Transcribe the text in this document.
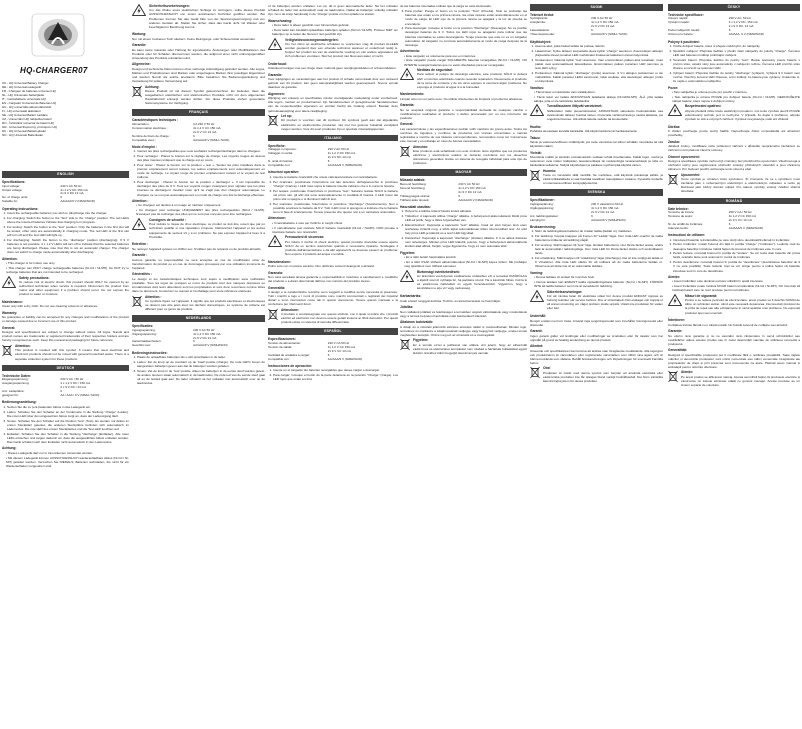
HQ-CHARGER07
UK - HQ Universal Battery Charger
DE - HQ Universal-Ladegerät
FR - Chargeur de batteries universel HQ
NL - HQ Universele batterijlader
IT - Caricabatterie universale HQ
ES - Cargador Universal de Baterías HQ
HU - HQ univerzális akkumulátortöltő
FI - HQ universaali akkulaturi
SE - HQ Universal Batteri Laddare
CZ - Univerzální HQ nabíječka baterií
RO - Încărcător universal de baterii HQ
GR - Universal Φορτιστής μπαταριών HQ
DK - HQ Universal Batterioplader
NO - HQ Universal Batterilader
ENGLISH
Specifications:
Input voltage:	230 V AC 50 Hz
Output voltage:	4x 1.2 V DC 150 mA
2x 9 V DC 13 mA
No. of charge units:	6
Suitable for:	AA/AAA/9 V (NiMH/NiCD)
Operating instructions:
1. Insert the rechargeable batteries you wish to (dis)charge into the charger.
2. For charging: Switch the button to the "fast" side to the "charge" position. The red LEDs above the inserted batteries indicate that charging is in progress.
3. For testing: Switch the button to the "test" position. Only the batteries in the first slot will be tested; other slots are automatically in charging mode. The red LED of the first slot will turn off and the test LED will light up.
4. For discharging: Switch the button to the "discharge" position (discharging). If 9 V batteries is not possible, 4 x 1.2 V LEDs will turn off to indicate that the selected batteries are being discharged. Please note that this is not an automatic charger. The charger does not switch to charge mode automatically after discharging.
Attention:
• This charger is for indoor use only.
• This charger can ONLY charge rechargeable batteries (Ni-Cd / Ni-MH). Do NOT try to recharge batteries that are not intended to be recharged.
Safety precautions:

To reduce risk of electric shock, this product should ONLY be opened by an authorized technician when service is required. Disconnect the product from mains and other equipment if a problem should occur. Do not expose the product to water or moisture.

Maintenance:

Clean only with a dry cloth. Do not use cleaning solvents or abrasives.

Warranty:

No guarantee or liability can be accepted for any changes and modifications of the product or damage caused due to incorrect use of this product.

General:

Designs and specifications are subject to change without notice. All logos, brands and product names are trademarks or registered trademarks of their respective holders and are hereby recognised as such. Keep this manual and packaging for future reference.

Attention:

This product is marked with this symbol. It means that used electrical and electronic products should not be mixed with general household waste. There is a separate collection system for these products.

DEUTSCH
Technische Daten:
Eingangsspannung:	230 V AC / 50 Hz
Ausgangsspannung:	4 x 1,2 V DC / 150 mA
2 x 9 V DC / 13 mA
Anz. Ladeplätze:	6
geeignet für:	AA / AAA / 9 V (NiMH / NiCD)
Bedienungsanleitung:
1. Setzen Sie die zu (ent-)ladenden Akkus in das Ladegerät ein.
2. Laden: Schalten Sie den Schalter an der Vorderseite in die Stellung "charge" (Laden). Die roten LED über den eingesetzten Akkus zeigt an, dass der Ladevorgang läuft.
3. Testen: Schalten Sie den Schalter auf die Position "test" (Test). Es werden nur Akkus im ersten Steckplatz getestet, die anderen Steckplätze befinden sich automatisch im Lademodus. Die rote LED des ersten Steckplatzes und die Test-LED leuchten auf.
4. Entladen: Schalten Sie den Schalter in die Stellung "discharge" (Entladen). Alle roten LEDs erlöschen und zeigen dadurch an, dass die ausgewählten Akkus entladen werden. Das Gerät schaltet nach dem Entladen nicht automatisch in den Lademodus.
Achtung:
• Dieses Ladegerät darf nur in Innenräumen verwendet werden.
• Mit diesem Ladegerät können AUSSCHLIESSLICH wiederaufladbare Akkus (Ni-Cd / Ni-MH) geladen werden. Versuchen Sie NIEMALS, Batterien aufzuladen, die nicht für ein Wiederaufladen vorgesehen sind.
Sicherheitsvorkehrungen:

Um das Risiko eines elektrischen Schlags zu verringern, sollte dieses Produkt AUSSCHLIESSLICH von einem autorisierten Techniker geöffnet werden. Bei Problemen trennen Sie das Gerät bitte von der Spannungsversorgung und von anderen Geräten ab. Stellen Sie sicher, dass das Gerät nicht mit Wasser oder Feuchtigkeit in Berührung kommt.

Wartung:

Nur mit einem trockenen Tuch säubern. Keine Reinigungs- oder Scheuermittel verwenden.

Garantie:

Es kann keine Garantie oder Haftung für irgendwelche Änderungen oder Modifikationen des Produkts oder für Schäden übernommen werden, die aufgrund einer nicht ordnungsgemäßen Anwendung des Produkts entstanden sind.

Allgemeine:

Design und technische Daten können ohne vorherige Ankündigung geändert werden. Alle Logos, Marken und Produktnamen sind Marken oder eingetragene Marken ihrer jeweiligen Eigentümer und werden hiermit als solche anerkannt. Bitte bewahren Sie Bedienungsanleitung und Verpackung für spätere Verwendung auf.

Achtung:

Dieses Produkt ist mit diesem Symbol gekennzeichnet. Es bedeutet, dass die ausgedienten elektrischen und elektronischen Produkte nicht mit dem allgemeinen Haushaltsmüll entsorgt werden dürfen. Für diese Produkte stehen gesonderte Sammelsysteme zur Verfügung.

FRANÇAIS
Caractéristiques techniques :
Alimentation :	CA 230 V 50 Hz
Consommation électrique :	4x 1,2 V CC 150 mA
2x 9 V CC 13 mA
Nombre de blocs de charge :	6
Compatible avec :	AA/AAA/9 V (NiMH / NiCD)
Mode d'emploi :
1. Insérez les piles rechargeables que vous souhaitez recharger/décharger dans le chargeur.
2. Pour recharger : Placez le bouton sur le réglage de charge. Les voyants rouges au dessus des piles insérées indiquent que la charge est en cours.
3. Pour tester : Placez le bouton sur la position « test ». Seules les piles installées dans le premier emplacement seront testées, les autres emplacements sont automatiquement en mode de recharge. Le voyant rouge du premier emplacement s'éteint et le voyant de test s'allume.
4. Pour décharger : Placez le bouton sur la position « décharger ». Il est impossible de décharger des piles de 9 V. Tous les voyants rouges s'éteignent pour signaler que les piles insérées se déchargent. Veuillez noter qu'il ne s'agit pas d'un chargeur automatique. Le chargeur ne se met pas automatiquement en mode de charge une fois la décharge effectuée.
Attention :
• Ce chargeur est destiné à un usage en intérieur uniquement.
• Ce chargeur peut recharger UNIQUEMENT des piles rechargeables (NiCd / Ni-MH). N'essayez pas de recharger des piles qui ne sont pas conçues pour être rechargées.
Consignes de sécurité :

Pour réduire le risque de choc électrique, ce produit ne doit être ouvert que par un technicien qualifié si une réparation s'impose. Débranchez l'appareil et les autres équipements du secteur s'il y a un problème. Ne pas exposer l'appareil à l'eau ni à l'humidité.

Entretien :

Ne nettoyer l'appareil qu'avec un chiffon sec. N'utiliser pas de solvants ou de produits abrasifs.

Garantie :

Aucune garantie ou responsabilité ne sera acceptée en cas de modification et/ou de transformation du produit ou en cas de dommages provoqués par une utilisation incorrecte de l'appareil.

Généralités :

Le design et les caractéristiques techniques sont sujets à modification sans notification préalable. Tous les logos de marques et noms de produits sont des marques déposées ou immatriculées dont leurs détenteurs sont les propriétaires et sont donc reconnues comme telles dans ce document. Conservez ce manuel et l'emballage pour toute référence ultérieure.

Attention :

Ce symbole figure sur l'appareil. Il signifie que les produits électriques et électroniques ne doivent pas être jetés avec les déchets domestiques. Le système de collecte est différent pour ce genre de produits.

NEDERLANDS
Specificaties:
Ingangsspanning:	230 V AC 50 Hz
Uitgangsspanning:	4x 1,2 V DC 150 mA
2x 9 V DC 13 mA
Aantal laadeenheden:	6
Geschikt voor:	AA/AAA/9 V (NiMH/NiCD)
Bedieningsinstructies:
1. Plaats de oplaadbare batterijen die u wilt op/ontladen in de lader.
2. Laden: Zet de knop op de voorkant op de "laad"-positie (charge). De rode LED's boven de aangesloten batterijen geven aan dat de batterijen worden geladen.
3. Testen: Zet de knop in de "test"-positie. Alleen de batterijen in de eerste sleuf worden getest, de andere sleuven staan automatisch in de laadmodus. De rode led van de eerste sleuf gaat uit en de testled gaat aan. De lader schakelt na het ontladen niet automatisch over op de laadmodus.

of de batterijen worden ontladen. Let op: dit is geen automatische lader. Na het ontladen schakelt de lader niet automatisch naar de laadmodus. Nadat de batterijen volledig ontladen zijn, zet u de knop handmatig in de "charge"-positie om het opladen te starten.

Waarschuwing:
• Deze lader is alleen geschikt voor binnenshuis gebruik.
• Deze lader kan ALLEEN oplaadbare batterijen opladen (Ni-Cd / Ni-MH). Probeer NIET om batterijen op te laden die hiervoor niet geschikt zijn.
Veiligheidsvoorzorgsmaatregelen:

Om het risico op elektrische schokken te voorkomen mag dit product ALLEEN worden geopend door een erkende technicus wanneer er onderhoud nodig is. Koppel het product los van de elektrische voeding en van andere apparatuur als zich problemen voordoen. Stel het product niet bloot aan water of vocht.

Onderhoud:

Uitsluitend reinigen met een droge doek. Gebruik geen reinigingsmiddelen of schuurmiddelen.

Garantie:

Voor wijzigingen en veranderingen aan het product of schade veroorzaakt door een verkeerd gebruik van dit product, kan geen aansprakelijkheid worden geaccepteerd. Tevens vervalt daardoor de garantie.

Algemeen:

Wijziging van ontwerp en specificaties zonder voorafgaande mededeling onder voorbehoud. Alle logo's, merken en productnamen zijn handelsmerken of geregistreerde handelsmerken van de respectievelijke eigenaren en worden hierbij als zodanig erkend. Bewaar deze gebruiksaanwijzing voor latere raadpleging.

Let op:

Dit product is voorzien van dit symbool. Dit symbool geeft aan dat afgedankte elektrische en elektronische producten niet met het gewone huisafval verwijderd mogen worden. Voor dit soort producten zijn er speciale inzamelingspunten.

ITALIANO
Specifiche:
Voltaggio in ingresso:	230 V AC 50 Hz
Voltaggio in uscita:	4x 1,2 V DC 150 mA
2x 9 V DC 13 mA
N. unità di ricarica:	6
Compatibile con:	AA/AAA/9 V (NiMH/NiCD)
Istruzioni operative:
1. Inserire le batterie ricaricabili che volete caricare/scaricare nel caricabatterie.
2. Per ricaricare: posizionate l'interruttore sul lato anteriore dell'apparecchio in posizione "charge" (Carica). I LED rossi sopra le batterie inserite indicano che è in corso la ricarica.
3. Per testare: posizionate l'interruttore in posizione "test". Saranno testate SOLO le batterie nel primo slot, gli altri slot sono automaticamente in modalità di ricarica. Il LED rosso del primo slot si spegne e si illumina il LED di test.
4. Per scaricare: posizionate l'interruttore in posizione "discharge" (Scaricamento). Non è possibile scaricare le batterie da 9 V. Tutti i LED rossi si spengono a indicare che le batterie sono in fase di scaricamento. Tenete presente che questo non è un caricatore automatico.
Attenzione:
• Il caricabatterie è solo per l'utilizzo in luoghi chiusi.
• Il caricabatterie può caricare SOLO batterie ricaricabili (Ni-Cd / Ni-MH). NON provate a ricaricare batterie non ricaricabili.
Precauzioni di sicurezza:

Per ridurre il rischio di shock elettrico, questo prodotto dovrebbe essere aperto SOLO da un tecnico autorizzato quando è necessario ripararlo. Scollegare il prodotto dall'alimentazione e da altri apparecchi se dovesse esserci un problema. Non esporre il prodotto ad acqua o umidità.

Manutenzione:

Pulire solo con un panno asciutto. Non utilizzare solventi detergenti o abrasivi.

Garanzia:

Non sarà accettata alcuna garanzia o responsabilità in relazione a cambiamenti e modifiche del prodotto o a danni determinati dall'uso non corretto del prodotto stesso.

Generalità:

Il design e le caratteristiche tecniche sono soggetti a modifica senza necessità di preavviso. Tutti i marchi a logo e i nomi di prodotto sono marchi commerciali o registrati dei rispettivi titolari e sono riconosciuti come tali in questo documento. Tenere questo manuale e la confezione per riferimenti futuri.

Attenzione:

Il prodotto è contrassegnato con questo simbolo, con il quale si indica che i prodotti elettrici ed elettronici non devono essere gettati insieme ai rifiuti domestici. Per questi prodotti esiste un sistema di raccolta differenziata.

ESPAÑOL
Especificaciones:
Tensión de alimentación:	230 V CA 50 Hz
Tensión de salida:	4x 1,2 V CC 150 mA
2x 9 V CC 13 mA
Cantidad de unidades a cargar:	6
Compatible con:	AA/AAA/9 V (NiMH/NiCD)
Instrucciones de operación:
1. Inserte en el cargador las baterías recargables que desee cargar o descargar.
2. Para cargar: Coloque el botón de la parte delantera en la posición "Charge" (Carga). Los LED rojos que están encima

de las baterías insertadas indican que la carga se está efectuando.

3. Para probar: Ponga el botón en la posición "Test" (Prueba). Sólo se probarán las baterías que están en la primera ranura, las otras ranuras están automáticamente en el modo de carga. El LED rojo de la primera ranura se apagará y la luz de prueba se encenderá.
4. Para descargar: Coloque el botón en la posición "Discharge" (Descarga). No es posible descargar baterías de 9 V. Todos los LED rojos se apagarán para indicar que las baterías insertadas se están descargando. Tenga presente que este no es un cargador automático. El cargador no conmuta automáticamente al modo de carga después de la descarga.
Advertencia:
• Este cargador es solamente para uso en interiores.
• Este cargador puede cargar SOLAMENTE baterías recargables (Ni-Cd / Ni-MH). NO INTENTE recargar baterías que no estén diseñadas para ser recargadas.
Medidas de seguridad:

Para reducir el peligro de descarga eléctrica, este producto SÓLO lo deberá abrir un técnico autorizado cuando necesite reparación. Desconecte el producto de la toma de corriente y de los otros equipos si ocurriera algún problema. No exponga el producto al agua ni a la humedad.

Mantenimiento:

Limpiar sólo con un paño seco. No utilizar disolventes de limpieza ni productos abrasivos.

Garantía:

No se aceptará ninguna garantía o responsabilidad derivada de cualquier cambio o modificaciones realizadas al producto o daños provocados por un uso incorrecto del producto.

General:

Las características y las especificaciones podrán sufrir cambios sin previo aviso. Todos los nombres de logotipos y nombres de productos son marcas comerciales o marcas registradas a nombre de sus titulares correspondientes, reconocidos como tal. Consérvese este manual y el embalaje en caso de futuras necesidades.

Atención:

Este producto está señalizado con este símbolo. Esto significa que los productos eléctricos y electrónicos usados no deberán mezclarse con los desechos domésticos generales. Existe un sistema de recogida individual para este tipo de productos.

MAGYAR
Műszaki adatok:
Bemenő feszültség:	230 V AC 50 Hz
Kimenő feszültség:	4x 1,2 V DC 150 mA
2x 9 V DC 13 mA
Töltőegységek száma:	6
Tölthető akku típusok:	AA/AAA/9 V (NiMH/NiCD)
Használati utasítás:
1. Helyezze a töltőbe tölteni/ kisütni kívánt akkukat.
2. Töltéshez: A kapcsolót állítsa "charge" állásba. A behelyezett akkumulátorok fölötti piros LED-ek jelzik, hogy a töltés folyamatban van.
3. Ellenőrzéshez: Kapcsolja a kapcsolót "test" állásba. Csak az első helyen lévő elem tesztelése történik meg, a többi aljzat automatikusan töltés üzemmódban lesz. Az első hely piros LED-je kialszik és a teszt LED kigyullad.
4. Kisütéshez: Kapcsolja a kapcsolót "discharge" (kisütés) állásba. 9 V-os akkuk kisütése nem lehetséges. Minden piros LED kialszik, jelezve, hogy a behelyezett akkumulátorok kisütés alatt állnak. Kérjük, vegye figyelembe, hogy ez nem automata töltő.
Figyelem:
• Ez a töltő beltéri használatra készült.
• Ez a töltő CSAK tölthető akkumulátorokat (Ni-Cd / Ni-MH) képes tölteni. NE próbáljon meg újratölteni nem tölthető elemeket.
Biztonsági óvintézkedések:

Az áramütés veszélyének csökkentése érdekében ezt a terméket KIZÁRÓLAG a kijelölt szerviz nyithatja fel, ha javításra szorul. Ha a készülék hibás, húzza ki az elektromos hálózatból és egyéb berendezésből. Vigyázzon, hogy a készüléket ne érje víz vagy nedvesség.

Karbantartás:

Csak száraz ronggyal tisztítsa. Tisztító- és karcolószereket ne használjon.

Jótállás:

Nem vállalunk jótállást és felelősséget a termékben végzett változtatások vagy módosítások vagy a termék helytelen használata miatt bekövetkező károkért.

Általános tudnivalók:

A dizájn és a műszaki jellemzők előzetes értesítés nélkül is módosulhatnak. Minden logó, terméknév és márkanév a tulajdonosának védjegye vagy bejegyzett védjegye, ezeket ennek megfelelően kezeljük. Őrizze meg ezt az útmutatót és a csomagolást.

Figyelem:

Ez a termék ezzel a jelöléssel van ellátva. Azt jelenti, hogy az elhasznált elektromos és elektronikus termékeket nem szabad a háztartási hulladékkal együtt kidobni. Ezekhez külön begyűjtő létesítmények vannak.

SUOMI
Tekniset tiedot:
Syöttöjännite:	230 V AC 50 Hz
Antojännite:	4x 1,2 V DC 150 mA
2x 9 V DC 13 mA
Latauslaitteita:	6
Yhteensopivuudet:	AA/AAA/9 V (NiMH / NiCD)
Käyttöohjeet:
1. Asenna akut, jotka haluat ladata tai purkaa, laturiin.
2. Lataaminen: Kytke laitteen etupuolella oleva kytkin "charge" asentoon. Asennettujen akkujen yläpuolella olevat punaiset LED-merkkivalot ilmaisevat latauksen olevan käynnissä.
3. Testaaminen: Käännä kytkin "test"-asentoon. Vain ensimmäisen paikan akut testataan, muut paikat ovat automaattisesti lataustilassa. Ensimmäisen paikan punainen LED sammuu ja testi-LED syttyy.
4. Purkaminen: Käännä kytkin "discharge" (purku) asentoon. 9 V:n akkujen purkaminen ei ole mahdollista. Kaikki punaiset LEDit sammuvat, mikä osoittaa, että asetettujen akkujen purku on käynnissä.
Varoitus:
• Tämä laturi on tarkoitettu vain sisäkäyttöön.
• Tämä laturi voi ladata AINOASTAAN ladattavia akkuja (Ni-Cd/Ni-MH). ÄLÄ yritä ladata akkuja, joita ei ole tarkoitettu ladattaviksi.
Turvallisuuteen liittyvät varotoimet:

Sähköiskun riskin pienentämiseksi, AINOASTAAN valtuutettu huoltoteknikko saa avata tämän laitteen huoltoa varten. Irrota laite verkkovirrasta ja muista laitteista, jos ongelmia ilmenee. Älä altista laitetta vedelle tai kosteudelle.

Huolto:

Puhdista ainoastaan kuivalla kankaalla. Älä käytä liuottimia tai hankausaineita.

Takuu:

Takuu ja vastuuvelvollisuus mitätöityvät, jos tuote vaurioituu tai siihen tehdään muutoksia tai sitä käytetään väärin.

Yleistä:

Muutoksia malliin ja teknisiin ominaisuuksiin voidaan tehdä ilmoittamatta. Kaikki logot, merkit ja tuotenimet ovat niiden haltijoiden tavaramerkkejä tai rekisteröityjä tavaramerkkejä ja niitä on käsiteltävä sellaisina. Säilytä käyttöohjeet ja pakkaus myöhempää käyttöä varten.

Huomio:

Tuote on varustettu tällä merkillä. Se merkitsee, että käytöstä poistettuja sähkö- ja elektroniikkalaitteita ei saa hävittää tavallisen talousjätteen mukana. Kyseisille tuotteille on olemassa erillinen keräysjärjestelmä.

SVENSKA
Specifikationer:
Ingångsspänning:	230 V växelström 50 Hz
Utgångsspänning:	4x 1,2 V DC 150 mA
2x 9 V DC 13 mA
Ant. laddningsplatser:	6
Lämplig för:	AA/AAA/9 V (NiMH/NiCD)
Bruksanvisning:
1. Sätt i de laddningsbara batterier du önskar ladda (laddar ur) i laddaren.
2. För laddning: Koppla knappen på fronten till "Ladda" läget. Den röda LED ovanför de isatta batterierna indikerar att laddning pågår.
3. För testning: Ställ knappen till "test" läge. Endast batterierna i det första facket testas, andra fack är automatiskt i laddningsläge. Den röda LED för första facket släcks och testindikatorn tänds.
4. För urladdning: Ställ knappen till "urladdning" läget (discharge). Det är inte möjligt att ladda ur 9 V-batterier. Alla röda LED släcks för att indikera att de isatta batterierna laddas ur. Observera att detta inte är en automatisk laddare.
Varning:
• Denna laddare är endast för inomhus bruk.
• Denna laddare kan ENDAST ladda uppladdningsbara batterier (Ni-Cd / Ni-MH). FÖRSÖK INTE att ladda batterier som inte är avsedda för laddning.
Säkerhetsanvisningar:

För att minska faran för elektriska stötar bör denna produkt ENDAST öppnas av behörig tekniker när service behövs. Dra ur strömkabeln från eluttaget och koppla ur all annan utrustning om något problem skulle uppstå. Utsätt inte produkten för vatten eller fukt.

Underhåll:

Rengör endast med torr trasa. Använd inga rengöringsmedel som innehåller lösningsmedel eller slipmedel.

Garanti:

Ingen garanti gäller vid ändringar eller modifieringar av produkten eller för skador som har uppstått på grund av felaktig användning av denna produkt.

Allmänt:

Utseende och specifikationer kan komma att ändras utan föregående meddelande. Alla logotyper och produktnamn är varumärken eller registrerade varumärken som tillhör sina ägare och är härmed erkända som sådana. Behåll bruksanvisningen och förpackningen för eventuellt framtida behov.

Obs!

Produkten är märkt med denna symbol som betyder att använda elektriska eller elektroniska produkter inte får slängas bland vanligt hushållsavfall. Det finns särskilda återvinningssystem för dessa produkter.

ČESKY
Technické specifikace:
Vstupní napětí:	230 V AC, 50 Hz
Výstupní napětí:	4 x 1,2 V DC, 150 mA
2 x 9 V DC, 13 mA
Počet nabíjecích úseků:	6
Určeno pro baterie:	AA/AAA, 9 V (NiMH/NiCD)
Pokyny k používání:
1. Vložte dobíjecí baterie, které si přejete nabít/vybít, do nabíječky.
2. Spuštění nabíjení: Přepněte tlačítko v přední části nabíječky do polohy "charge". Červené LED nad bateriemi indikují probíhající nabíjení.
3. Testování baterií: Přepněte tlačítko do polohy "test". Budou testovány pouze baterie v prvním slotu, ostatní sloty jsou automaticky v nabíjecím režimu. Červená LED prvního slotu zhasne a rozsvítí se testovací LED.
4. Vybíjení baterií: Přepněte tlačítko do polohy "discharge" (vybíjení). Vybíjení 9 V baterií není možné. Všechny červené LED zhasnou, a tím indikují, že baterie jsou vybíjeny. Uvědomte si, že nejde o automatickou nabíječku.
Pozor:
• Tato nabíječka je určena pouze pro použití v interiéru.
• Tato nabíječka je určena POUZE pro dobíjecí baterie (Ni-Cd / Ni-MH). NEZKOUŠEJTE nabíjet baterie, které nejsou k dobíjení určeny.
Bezpečnostní opatření:

Abyste předešli riziku úrazu elektrickým proudem, smí tento výrobek otevřít POUZE autorizovaný technik, je-li to nezbytné. V případě, že dojde k problému, odpojte výrobek ze sítě a od jiných zařízení. Výrobek nevystavujte vodě ani vlhkosti.

Údržba:

K čištění používejte pouze suchý hadřík. Nepoužívejte čisticí rozpouštědla ani abrazivní prostředky.

Záruka:

Jakékoli změny, modifikace nebo poškození zařízení v důsledku nesprávného zacházení se zařízením ruší platnost záruční smlouvy.

Obecné upozornění:

Design a specifikace výrobku mohou být změněny bez předchozího upozornění. Všechna loga a obchodní názvy jsou registrované obchodní známky příslušných vlastníků a jsou chráněny zákonem. Pro budoucí použití uschovejte tento návod a obal.

Upozornění:

Tento výrobek je označen tímto symbolem. To znamená, že se s výrobkem musí zacházet jako s nebezpečným elektrickým a elektronickým odpadem a nelze jej likvidovat jako běžný domácí odpad. Pro takové výrobky existují zvláštní sběrná střediska.

ROMÂNĂ
Date tehnice:
Tensiune de intrare:	230 V CA / 50 Hz
Tensiune de ieșire:	4x 1,2 V CC 150 mA
2x 9 V CC 13 mA
Nr. de unități de încărcare:	6
Adecvat pentru:	AA/AAA/9 V (NiMH/NiCD)
Instrucțiuni de utilizare:
1. Introduceți bateriile reîncărcabile pe care doriți să le descărcați/încărcați în încărcător.
2. Pentru încărcare: mutați butonul din față în poziția "charge" ("încărcare"). Ledurile roșii de deasupra bateriilor introduse indică faptul că procesul de încărcare este în curs.
3. Pentru testare: comutați butonul în poziția de "testare". Se vor testa doar bateriile din prima fantă, celelalte fante sunt automat în modul de încărcare.
4. Pentru descărcare: comutați butonul în poziția de "descărcare" (descărcarea bateriilor de 9 V nu este posibilă). Toate ledurile roșii se vor stinge pentru a indica faptul că bateriile introduse sunt în curs de descărcare.
Atenție:
• Acest încărcător este destinat exclusiv utilizării în spații interioare.
• Acest încărcător poate încărca DOAR baterii reîncărcabile (Ni-Cd / Ni-MH). NU încercați să încărcați baterii care nu sunt produse pentru reîncărcare.
Măsuri de siguranță:

Pentru a se reduce pericolul de electrocutare, acest produs va fi deschis NUMAI de către un tehnician avizat, când este necesară depanarea. Deconectați produsul de la priza de rețea sau alte echipamente în cazul apariției unei probleme. Nu expuneți produsul apei sau umezelii.

Întreținere:

Curățarea trebuie făcută cu o cârpă uscată. Nu folosiți solvenți de curățare sau abrazivi.

Garanție:

Nu oferim nicio garanție și nu ne asumăm nicio răspundere în cazul schimbărilor sau modificărilor aduse acestui produs sau în cazul deteriorării cauzate de utilizarea incorectă a produsului.

Generalități:

Designul și specificațiile produsului pot fi modificate fără o notificare prealabilă. Toate siglele mărcilor și denumirile produselor sunt mărci comerciale sau mărci comerciale înregistrate ale proprietarilor de drept și prin prezenta sunt recunoscute ca atare. Păstrați acest manual și ambalajul pentru referințe ulterioare.

Atenție:

Pe acest produs se află acest marcaj. Acesta semnifică faptul că produsele electrice și electronice nu trebuie eliminate odată cu gunoiul menajer. Aceste produse au un sistem separat de colectare.
